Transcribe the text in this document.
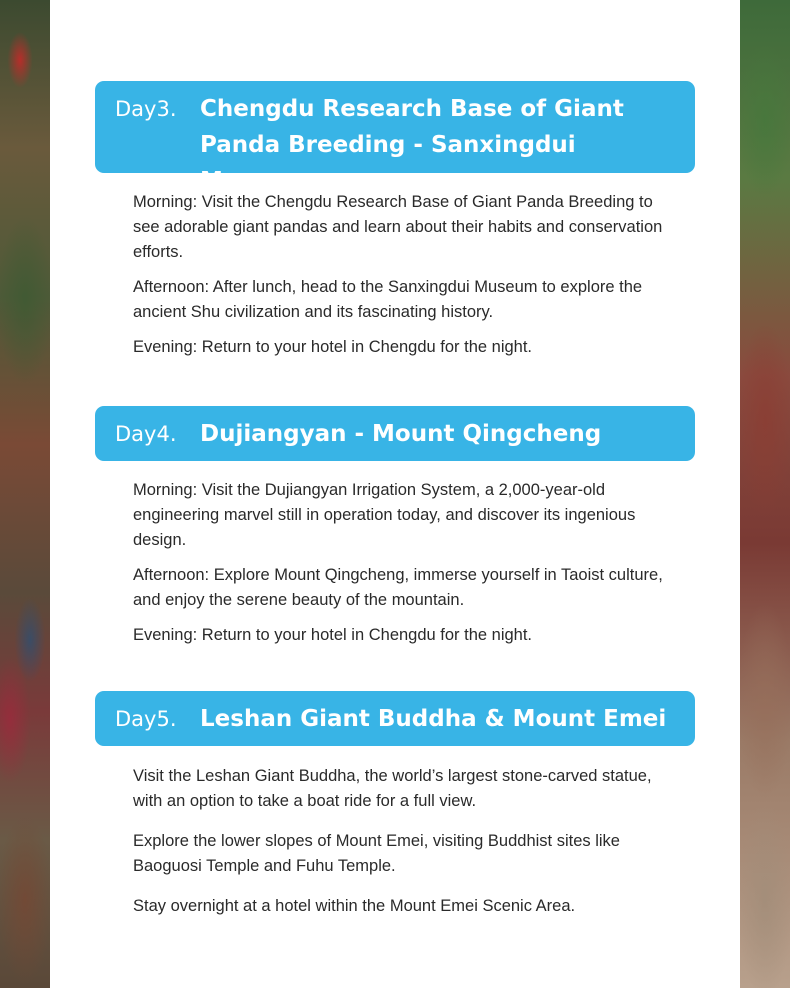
Day3. Chengdu Research Base of Giant Panda Breeding - Sanxingdui Museum

Morning: Visit the Chengdu Research Base of Giant Panda Breeding to see adorable giant pandas and learn about their habits and conservation efforts.

Afternoon: After lunch, head to the Sanxingdui Museum to explore the ancient Shu civilization and its fascinating history.

Evening: Return to your hotel in Chengdu for the night.

Day4. Dujiangyan - Mount Qingcheng

Morning: Visit the Dujiangyan Irrigation System, a 2,000-year-old engineering marvel still in operation today, and discover its ingenious design.

Afternoon: Explore Mount Qingcheng, immerse yourself in Taoist culture, and enjoy the serene beauty of the mountain.

Evening: Return to your hotel in Chengdu for the night.

Day5. Leshan Giant Buddha & Mount Emei

Visit the Leshan Giant Buddha, the world’s largest stone-carved statue, with an option to take a boat ride for a full view.

Explore the lower slopes of Mount Emei, visiting Buddhist sites like Baoguosi Temple and Fuhu Temple.

Stay overnight at a hotel within the Mount Emei Scenic Area.
